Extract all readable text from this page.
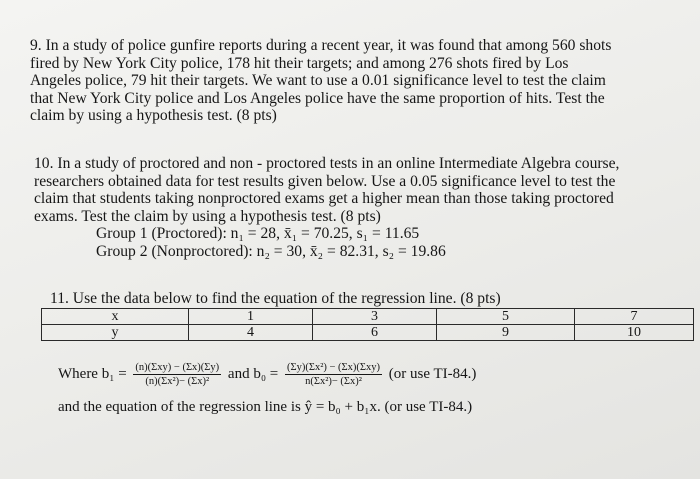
9. In a study of police gunfire reports during a recent year, it was found that among 560 shots
fired by New York City police, 178 hit their targets; and among 276 shots fired by Los
Angeles police, 79 hit their targets. We want to use a 0.01 significance level to test the claim
that New York City police and Los Angeles police have the same proportion of hits. Test the
claim by using a hypothesis test. (8 pts)
10. In a study of proctored and non - proctored tests in an online Intermediate Algebra course,
researchers obtained data for test results given below. Use a 0.05 significance level to test the
claim that students taking nonproctored exams get a higher mean than those taking proctored
exams. Test the claim by using a hypothesis test. (8 pts)
Group 1 (Proctored): n₁ = 28, x̄₁ = 70.25, s₁ = 11.65
Group 2 (Nonproctored): n₂ = 30, x̄₂ = 82.31, s₂ = 19.86
11. Use the data below to find the equation of the regression line. (8 pts)
x	1	3	5	7
y	4	6	9	10
Where $b_1 = \frac{\text{(n)(Σxy) − (Σx)(Σy)}}{\text{(n)(Σx²)− (Σx)²}}$ and $b_0 = \frac{\text{(Σy)(Σx²) − (Σx)(Σxy)}}{\text{n(Σx²)− (Σx)²}} (or$ use TI-84.)
and the equation of the regression line is ŷ = b₀ + b₁x. (or use TI-84.)
